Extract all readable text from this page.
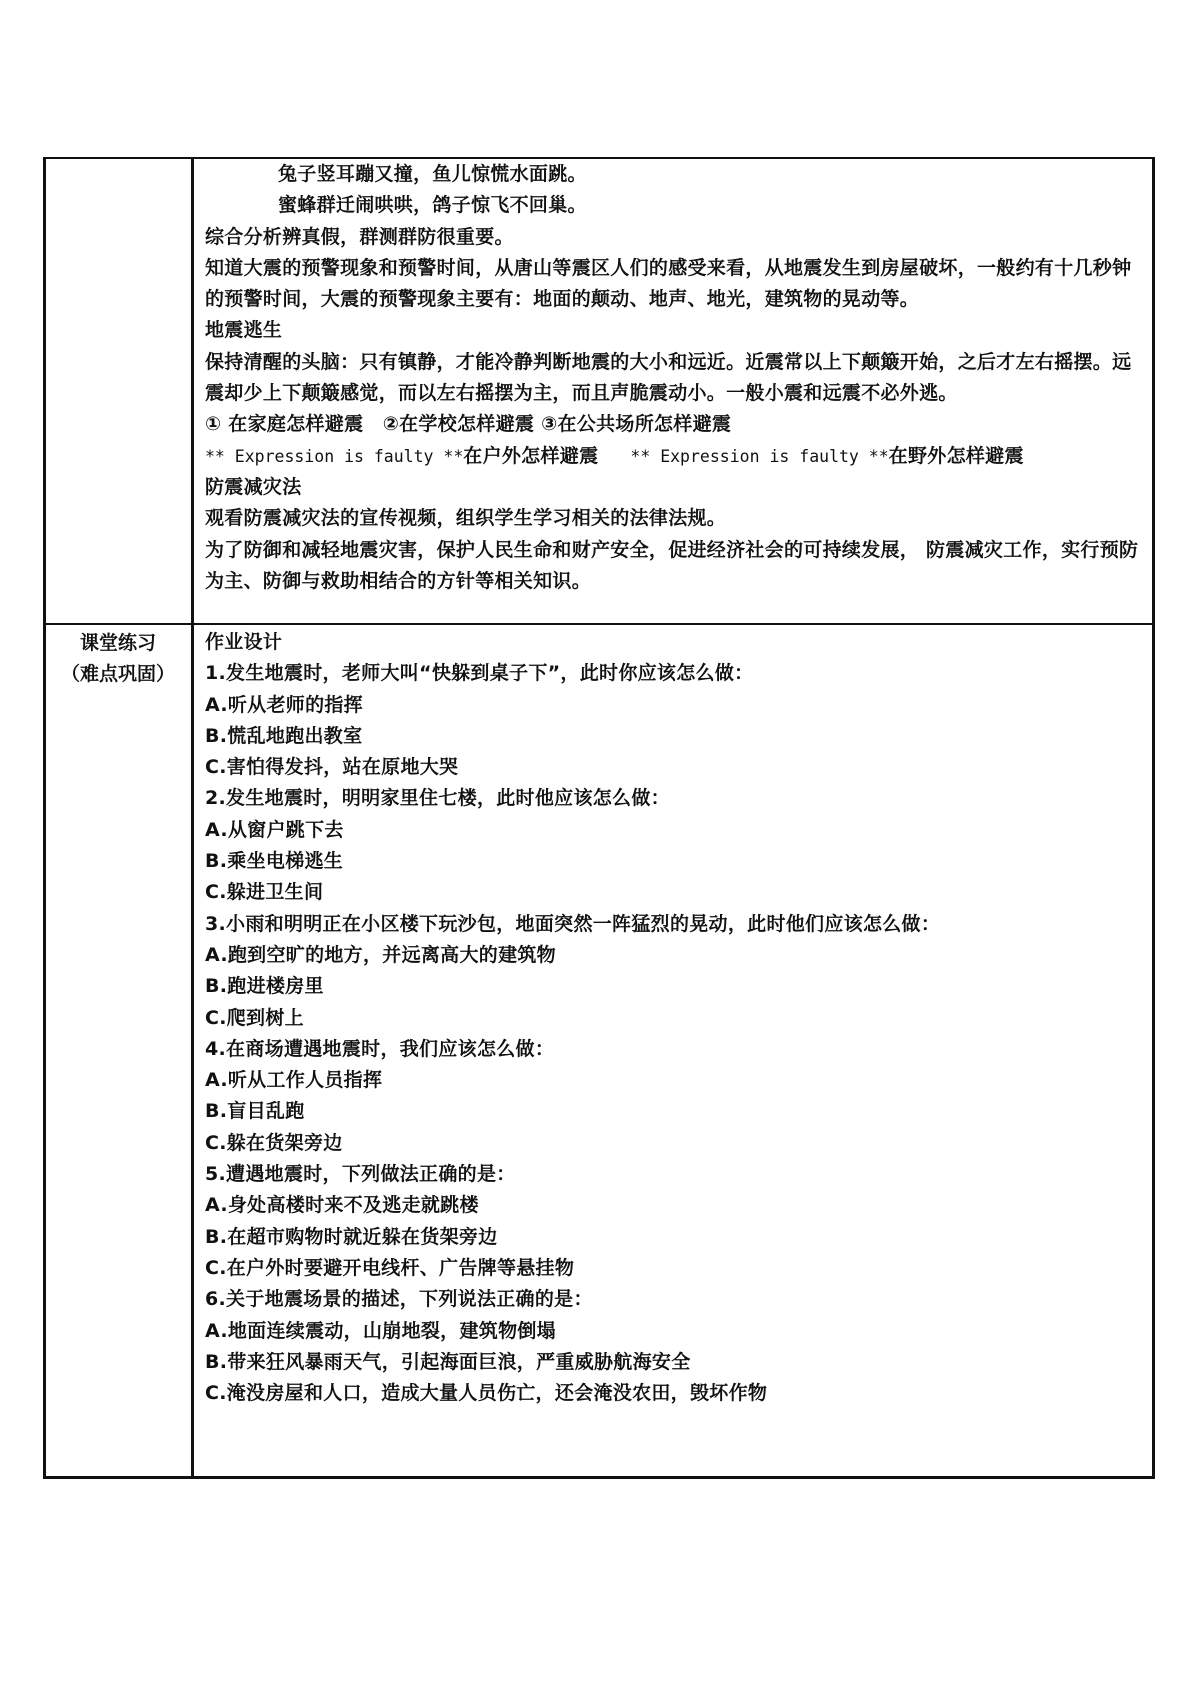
兔子竖耳蹦又撞，鱼儿惊慌水面跳。
蜜蜂群迁闹哄哄，鸽子惊飞不回巢。
综合分析辨真假，群测群防很重要。
知道大震的预警现象和预警时间，从唐山等震区人们的感受来看，从地震发生到房屋破坏，一般约有十几秒钟的预警时间，大震的预警现象主要有：地面的颠动、地声、地光，建筑物的晃动等。
地震逃生
保持清醒的头脑：只有镇静，才能冷静判断地震的大小和远近。近震常以上下颠簸开始，之后才左右摇摆。远震却少上下颠簸感觉，而以左右摇摆为主，而且声脆震动小。一般小震和远震不必外逃。
① 在家庭怎样避震　②在学校怎样避震 ③在公共场所怎样避震
** Expression is faulty **在户外怎样避震 ** Expression is faulty **在野外怎样避震
防震减灾法
观看防震减灾法的宣传视频，组织学生学习相关的法律法规。
为了防御和减轻地震灾害，保护人民生命和财产安全，促进经济社会的可持续发展， 防震减灾工作，实行预防为主、防御与救助相结合的方针等相关知识。
课堂练习
（难点巩固）
作业设计
1.发生地震时，老师大叫“快躲到桌子下”，此时你应该怎么做：
A.听从老师的指挥
B.慌乱地跑出教室
C.害怕得发抖，站在原地大哭
2.发生地震时，明明家里住七楼，此时他应该怎么做：
A.从窗户跳下去
B.乘坐电梯逃生
C.躲进卫生间
3.小雨和明明正在小区楼下玩沙包，地面突然一阵猛烈的晃动，此时他们应该怎么做：
A.跑到空旷的地方，并远离高大的建筑物
B.跑进楼房里
C.爬到树上
4.在商场遭遇地震时，我们应该怎么做：
A.听从工作人员指挥
B.盲目乱跑
C.躲在货架旁边
5.遭遇地震时，下列做法正确的是：
A.身处高楼时来不及逃走就跳楼
B.在超市购物时就近躲在货架旁边
C.在户外时要避开电线杆、广告牌等悬挂物
6.关于地震场景的描述，下列说法正确的是：
A.地面连续震动，山崩地裂，建筑物倒塌
B.带来狂风暴雨天气，引起海面巨浪，严重威胁航海安全
C.淹没房屋和人口，造成大量人员伤亡，还会淹没农田，毁坏作物
